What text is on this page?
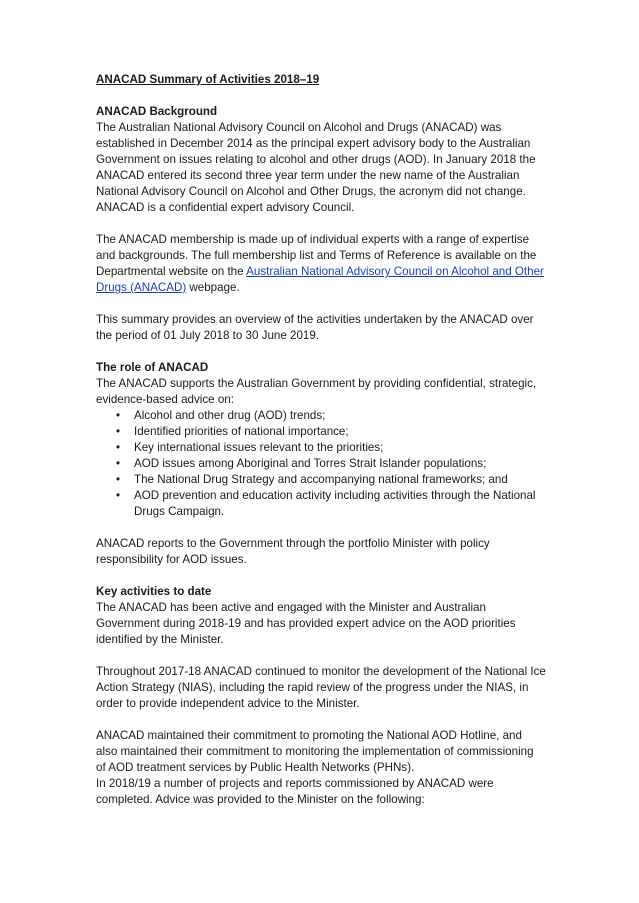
ANACAD Summary of Activities 2018–19
ANACAD Background

The Australian National Advisory Council on Alcohol and Drugs (ANACAD) was established in December 2014 as the principal expert advisory body to the Australian Government on issues relating to alcohol and other drugs (AOD). In January 2018 the ANACAD entered its second three year term under the new name of the Australian National Advisory Council on Alcohol and Other Drugs, the acronym did not change. ANACAD is a confidential expert advisory Council.

The ANACAD membership is made up of individual experts with a range of expertise and backgrounds. The full membership list and Terms of Reference is available on the Departmental website on the Australian National Advisory Council on Alcohol and Other Drugs (ANACAD) webpage.

This summary provides an overview of the activities undertaken by the ANACAD over the period of 01 July 2018 to 30 June 2019.

The role of ANACAD
The ANACAD supports the Australian Government by providing confidential, strategic, evidence-based advice on:
• Alcohol and other drug (AOD) trends;
• Identified priorities of national importance;
• Key international issues relevant to the priorities;
• AOD issues among Aboriginal and Torres Strait Islander populations;
• The National Drug Strategy and accompanying national frameworks; and
• AOD prevention and education activity including activities through the National Drugs Campaign.

ANACAD reports to the Government through the portfolio Minister with policy responsibility for AOD issues.

Key activities to date

The ANACAD has been active and engaged with the Minister and Australian Government during 2018-19 and has provided expert advice on the AOD priorities identified by the Minister.

Throughout 2017-18 ANACAD continued to monitor the development of the National Ice Action Strategy (NIAS), including the rapid review of the progress under the NIAS, in order to provide independent advice to the Minister.

ANACAD maintained their commitment to promoting the National AOD Hotline, and also maintained their commitment to monitoring the implementation of commissioning of AOD treatment services by Public Health Networks (PHNs).

In 2018/19 a number of projects and reports commissioned by ANACAD were completed. Advice was provided to the Minister on the following:
